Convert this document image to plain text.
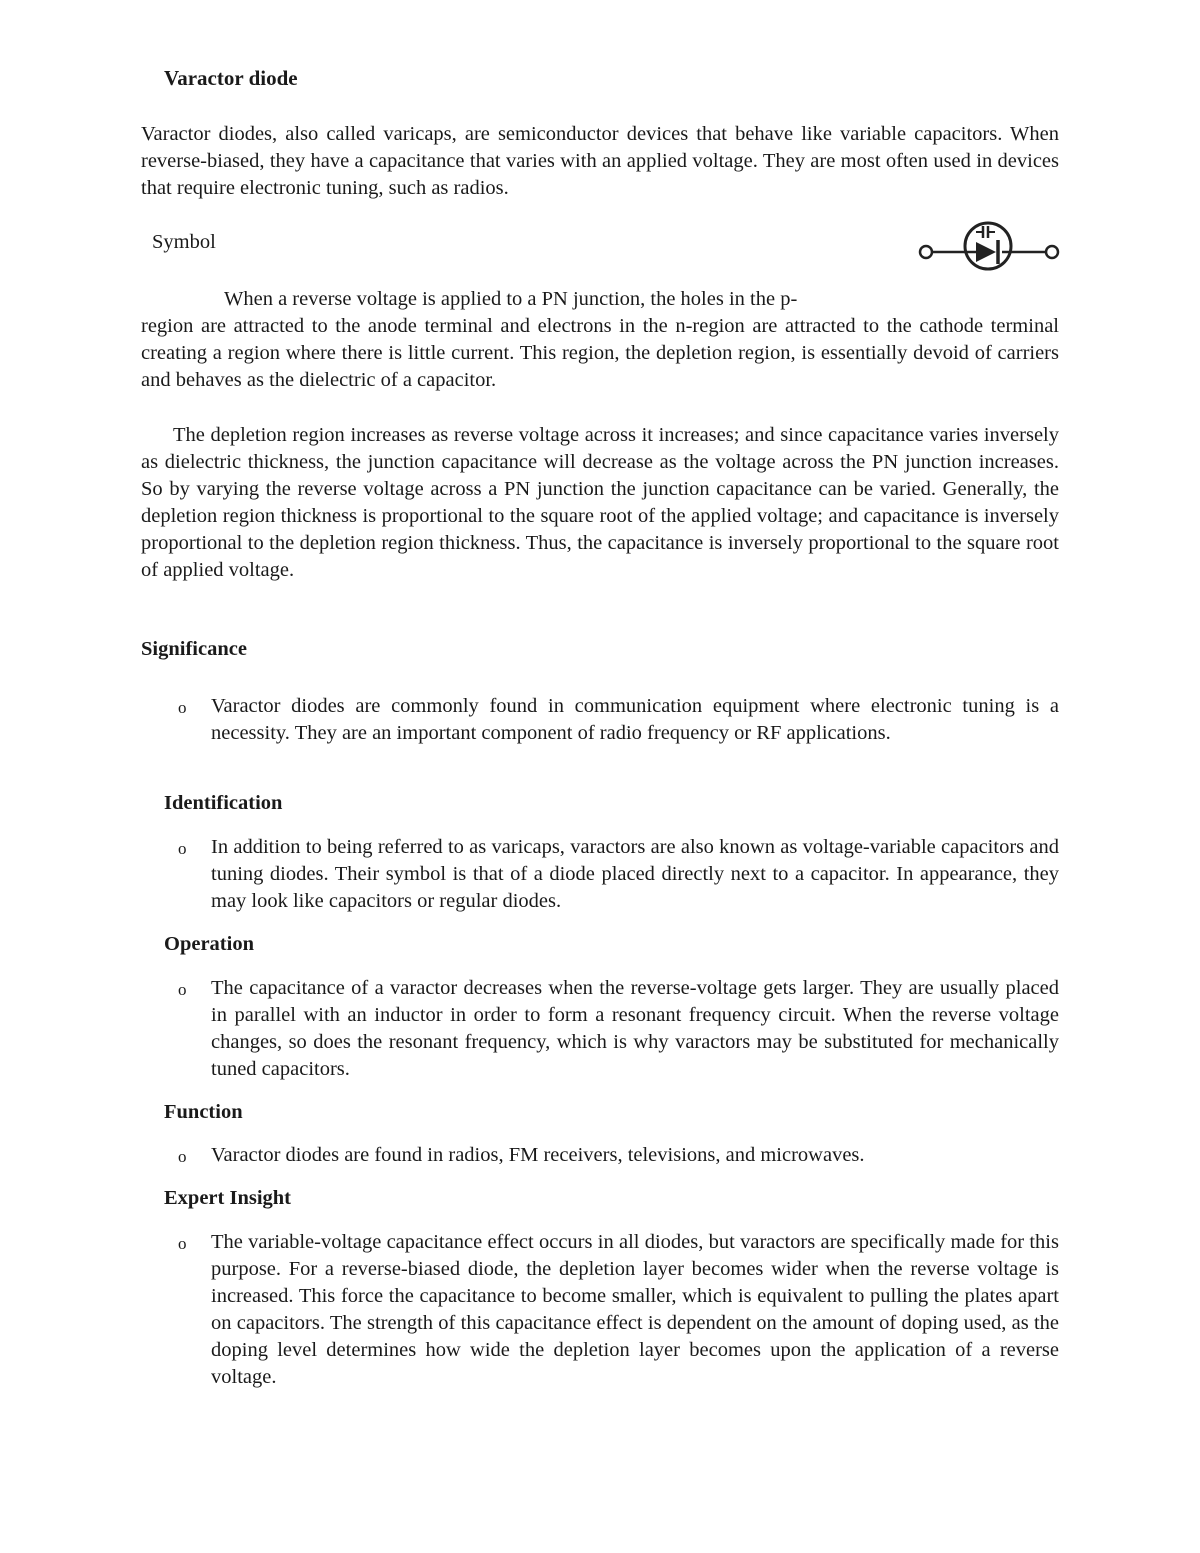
Varactor diode

Varactor diodes, also called varicaps, are semiconductor devices that behave like variable capacitors. When reverse-biased, they have a capacitance that varies with an applied voltage. They are most often used in devices that require electronic tuning, such as radios.

Symbol

When a reverse voltage is applied to a PN junction, the holes in the p-

region are attracted to the anode terminal and electrons in the n-region are attracted to the cathode terminal creating a region where there is little current. This region, the depletion region, is essentially devoid of carriers and behaves as the dielectric of a capacitor.

The depletion region increases as reverse voltage across it increases; and since capacitance varies inversely as dielectric thickness, the junction capacitance will decrease as the voltage across the PN junction increases. So by varying the reverse voltage across a PN junction the junction capacitance can be varied. Generally, the depletion region thickness is proportional to the square root of the applied voltage; and capacitance is inversely proportional to the depletion region thickness. Thus, the capacitance is inversely proportional to the square root of applied voltage.

Significance
o Varactor diodes are commonly found in communication equipment where electronic tuning is a necessity. They are an important component of radio frequency or RF applications.

Identification
o In addition to being referred to as varicaps, varactors are also known as voltage-variable capacitors and tuning diodes. Their symbol is that of a diode placed directly next to a capacitor. In appearance, they may look like capacitors or regular diodes.

Operation
o The capacitance of a varactor decreases when the reverse-voltage gets larger. They are usually placed in parallel with an inductor in order to form a resonant frequency circuit. When the reverse voltage changes, so does the resonant frequency, which is why varactors may be substituted for mechanically tuned capacitors.

Function
o Varactor diodes are found in radios, FM receivers, televisions, and microwaves.

Expert Insight
o The variable-voltage capacitance effect occurs in all diodes, but varactors are specifically made for this purpose. For a reverse-biased diode, the depletion layer becomes wider when the reverse voltage is increased. This force the capacitance to become smaller, which is equivalent to pulling the plates apart on capacitors. The strength of this capacitance effect is dependent on the amount of doping used, as the doping level determines how wide the depletion layer becomes upon the application of a reverse voltage.
